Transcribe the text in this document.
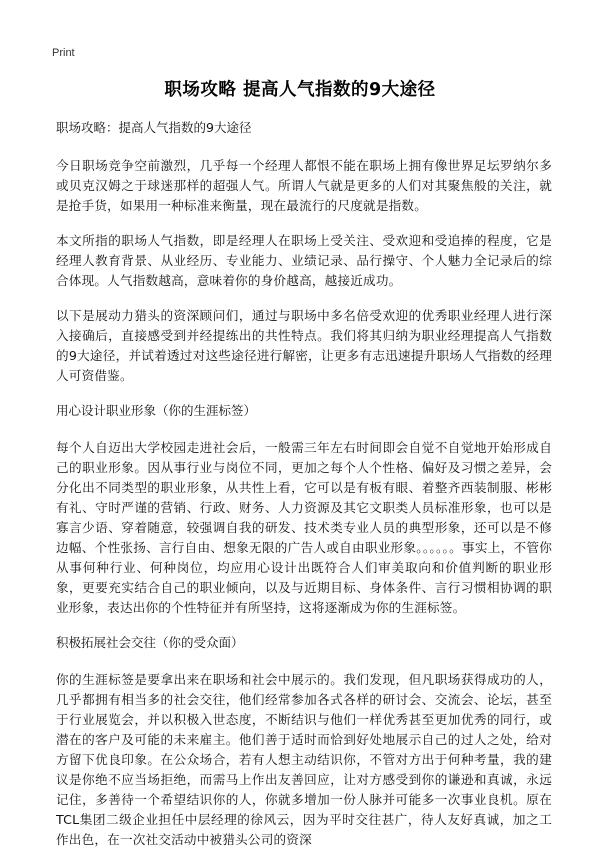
Print
职场攻略 提高人气指数的9大途径

职场攻略：提高人气指数的9大途径

今日职场竞争空前激烈，几乎每一个经理人都恨不能在职场上拥有像世界足坛罗纳尔多或贝克汉姆之于球迷那样的超强人气。所谓人气就是更多的人们对其聚焦般的关注，就是抢手货，如果用一种标准来衡量，现在最流行的尺度就是指数。

本文所指的职场人气指数，即是经理人在职场上受关注、受欢迎和受追捧的程度，它是经理人教育背景、从业经历、专业能力、业绩记录、品行操守、个人魅力全记录后的综合体现。人气指数越高，意味着你的身价越高，越接近成功。

以下是展动力猎头的资深顾问们，通过与职场中多名倍受欢迎的优秀职业经理人进行深入接确后，直接感受到并经提练出的共性特点。我们将其归纳为职业经理提高人气指数的9大途径，并试着透过对这些途径进行解密，让更多有志迅速提升职场人气指数的经理人可资借鉴。

用心设计职业形象（你的生涯标签）

每个人自迈出大学校园走进社会后，一般需三年左右时间即会自觉不自觉地开始形成自己的职业形象。因从事行业与岗位不同，更加之每个人个性格、偏好及习惯之差异，会分化出不同类型的职业形象，从共性上看，它可以是有板有眼、着整齐西装制服、彬彬有礼、守时严谨的营销、行政、财务、人力资源及其它文职类人员标准形象，也可以是寡言少语、穿着随意，较强调自我的研发、技术类专业人员的典型形象，还可以是不修边幅、个性张扬、言行自由、想象无限的广告人或自由职业形象。。。。。。事实上，不管你从事何种行业、何种岗位，均应用心设计出既符合人们审美取向和价值判断的职业形象，更要充实结合自己的职业倾向，以及与近期目标、身体条件、言行习惯相协调的职业形象，表达出你的个性特征并有所坚持，这将逐渐成为你的生涯标签。

积极拓展社会交往（你的受众面）

你的生涯标签是要拿出来在职场和社会中展示的。我们发现，但凡职场获得成功的人，几乎都拥有相当多的社会交往，他们经常参加各式各样的研讨会、交流会、论坛，甚至于行业展览会，并以积极入世态度，不断结识与他们一样优秀甚至更加优秀的同行，或潜在的客户及可能的未来雇主。他们善于适时而恰到好处地展示自己的过人之处，给对方留下优良印象。在公众场合，若有人想主动结识你，不管对方出于何种考量，我的建议是你绝不应当场拒绝，而需马上作出友善回应，让对方感受到你的谦逊和真诚，永远记住，多善待一个希望结识你的人，你就多增加一份人脉并可能多一次事业良机。原在TCL集团二级企业担任中层经理的徐风云，因为平时交往甚广，待人友好真诚，加之工作出色，在一次社交活动中被猎头公司的资深
